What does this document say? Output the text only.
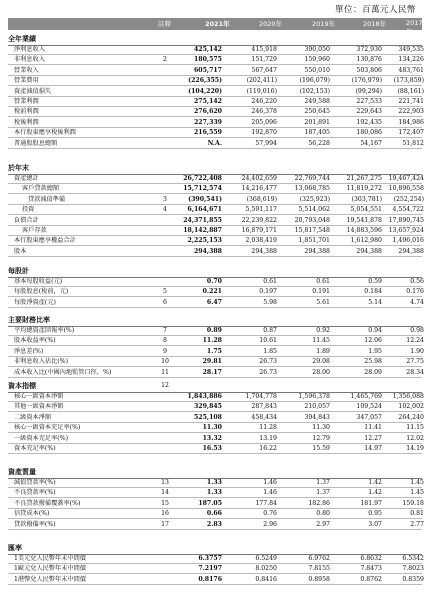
單位：百萬元人民幣
註釋	2021年	2020年	2019年	2018年	2017年
全年業績
淨利息收入	425,142	415,918	390,050	372,930	349,535
非利息收入	2	180,575	151,729	159,960	130,876	134,226
營業收入	605,717	567,647	550,010	503,806	483,761
營業費用	(226,355)	(202,411)	(196,079)	(176,979)	(173,859)
資產減值損失	(104,220)	(119,016)	(102,153)	(99,294)	(88,161)
營業利潤	275,142	246,220	249,588	227,533	221,741
稅前利潤	276,620	246,378	250,645	229,643	222,903
稅後利潤	227,339	205,096	201,891	192,435	184,986
本行股東應享稅後利潤	216,559	192,870	187,405	180,086	172,407
普通股股息總額	N.A.	57,994	56,228	54,167	51,812
於年末
資產總計	26,722,408	24,402,659	22,769,744	21,267,275	19,467,424
客戶貸款總額	15,712,574	14,216,477	13,068,785	11,819,272	10,896,558
貸款減值準備	3	(390,541)	(368,619)	(325,923)	(303,781)	(252,254)
投資	4	6,164,671	5,591,117	5,514,062	5,054,551	4,554,722
負債合計	24,371,855	22,239,822	20,793,048	19,541,878	17,890,745
客戶存款	18,142,887	16,879,171	15,817,548	14,883,596	13,657,924
本行股東應享權益合計	2,225,153	2,038,419	1,851,701	1,612,980	1,496,016
股本	294,388	294,388	294,388	294,388	294,388
每股計
基本每股收益(元)	0.70	0.61	0.61	0.59	0.56
每股股息(稅前，元)	5	0.221	0.197	0.191	0.184	0.176
每股淨資產(元)	6	6.47	5.98	5.61	5.14	4.74
主要財務比率
平均總資產回報率(%)	7	0.89	0.87	0.92	0.94	0.98
股本收益率(%)	8	11.28	10.61	11.45	12.06	12.24
淨息差(%)	9	1.75	1.85	1.89	1.95	1.90
非利息收入佔比(%)	10	29.81	26.73	29.08	25.98	27.75
成本收入比(中國內地監管口徑，%)	11	28.17	26.73	28.00	28.09	28.34
資本指標	12
核心一級資本淨額	1,843,886	1,704,778	1,596,378	1,465,769	1,356,088
其他一級資本淨額	329,845	287,843	210,057	109,524	102,002
二級資本淨額	525,108	458,434	394,843	347,057	264,240
核心一級資本充足率(%)	11.30	11.28	11.30	11.41	11.15
一級資本充足率(%)	13.32	13.19	12.79	12.27	12.02
資本充足率(%)	16.53	16.22	15.59	14.97	14.19
資產質量
減值貸款率(%)	13	1.33	1.46	1.37	1.42	1.45
不良貸款率(%)	14	1.33	1.46	1.37	1.42	1.45
不良貸款撥備覆蓋率(%)	15	187.05	177.84	182.86	181.97	159.18
信貸成本(%)	16	0.66	0.76	0.80	0.95	0.81
貸款撥備率(%)	17	2.83	2.96	2.97	3.07	2.77
匯率
1美元兌人民幣年末中間價	6.3757	6.5249	6.9762	6.8632	6.5342
1歐元兌人民幣年末中間價	7.2197	8.0250	7.8155	7.8473	7.8023
1港幣兌人民幣年末中間價	0.8176	0.8416	0.8958	0.8762	0.8359
